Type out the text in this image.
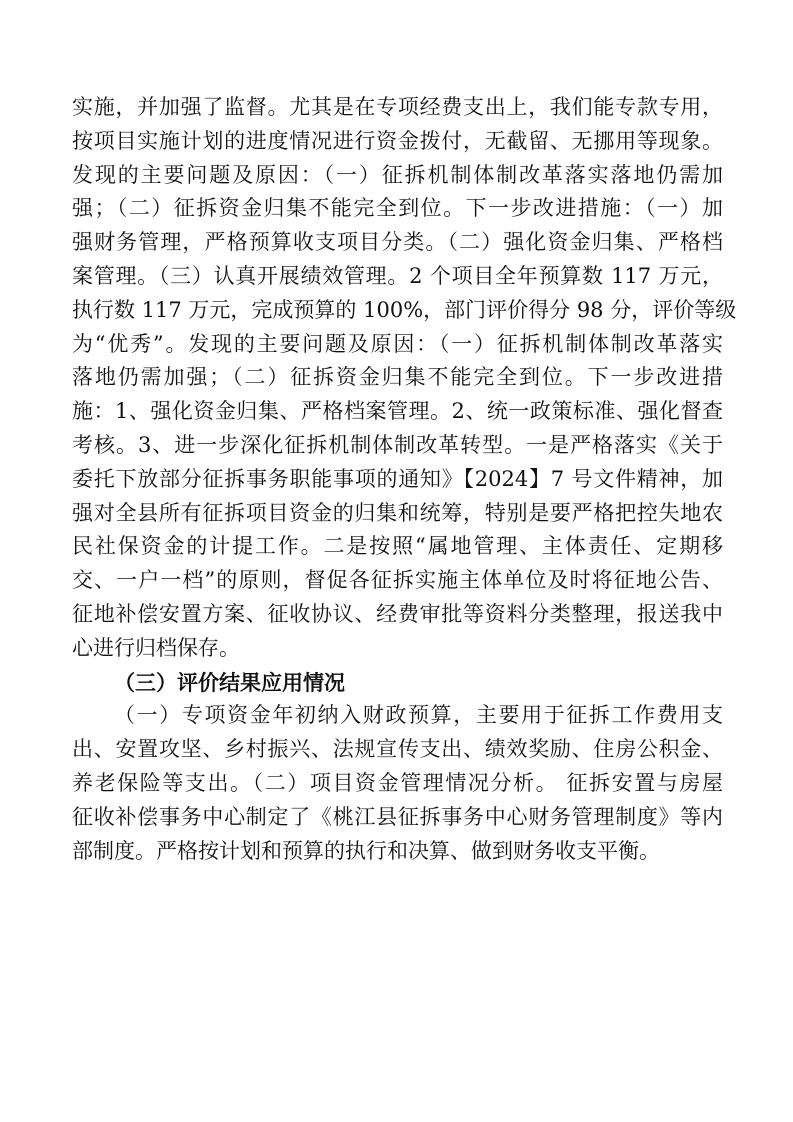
实施，并加强了监督。尤其是在专项经费支出上，我们能专款专用，
按项目实施计划的进度情况进行资金拨付，无截留、无挪用等现象。
发现的主要问题及原因：（一）征拆机制体制改革落实落地仍需加
强；（二）征拆资金归集不能完全到位。下一步改进措施：（一）加
强财务管理，严格预算收支项目分类。（二）强化资金归集、严格档
案管理。（三）认真开展绩效管理。2 个项目全年预算数 117 万元，
执行数 117 万元，完成预算的 100%，部门评价得分 98 分，评价等级
为“优秀”。发现的主要问题及原因：（一）征拆机制体制改革落实
落地仍需加强；（二）征拆资金归集不能完全到位。下一步改进措
施：1、强化资金归集、严格档案管理。2、统一政策标准、强化督查
考核。3、进一步深化征拆机制体制改革转型。一是严格落实《关于
委托下放部分征拆事务职能事项的通知》【2024】7 号文件精神，加
强对全县所有征拆项目资金的归集和统筹，特别是要严格把控失地农
民社保资金的计提工作。二是按照“属地管理、主体责任、定期移
交、一户一档”的原则，督促各征拆实施主体单位及时将征地公告、
征地补偿安置方案、征收协议、经费审批等资料分类整理，报送我中
心进行归档保存。
（三）评价结果应用情况
（一）专项资金年初纳入财政预算，主要用于征拆工作费用支
出、安置攻坚、乡村振兴、法规宣传支出、绩效奖励、住房公积金、
养老保险等支出。（二）项目资金管理情况分析。 征拆安置与房屋
征收补偿事务中心制定了《桃江县征拆事务中心财务管理制度》等内
部制度。严格按计划和预算的执行和决算、做到财务收支平衡。
